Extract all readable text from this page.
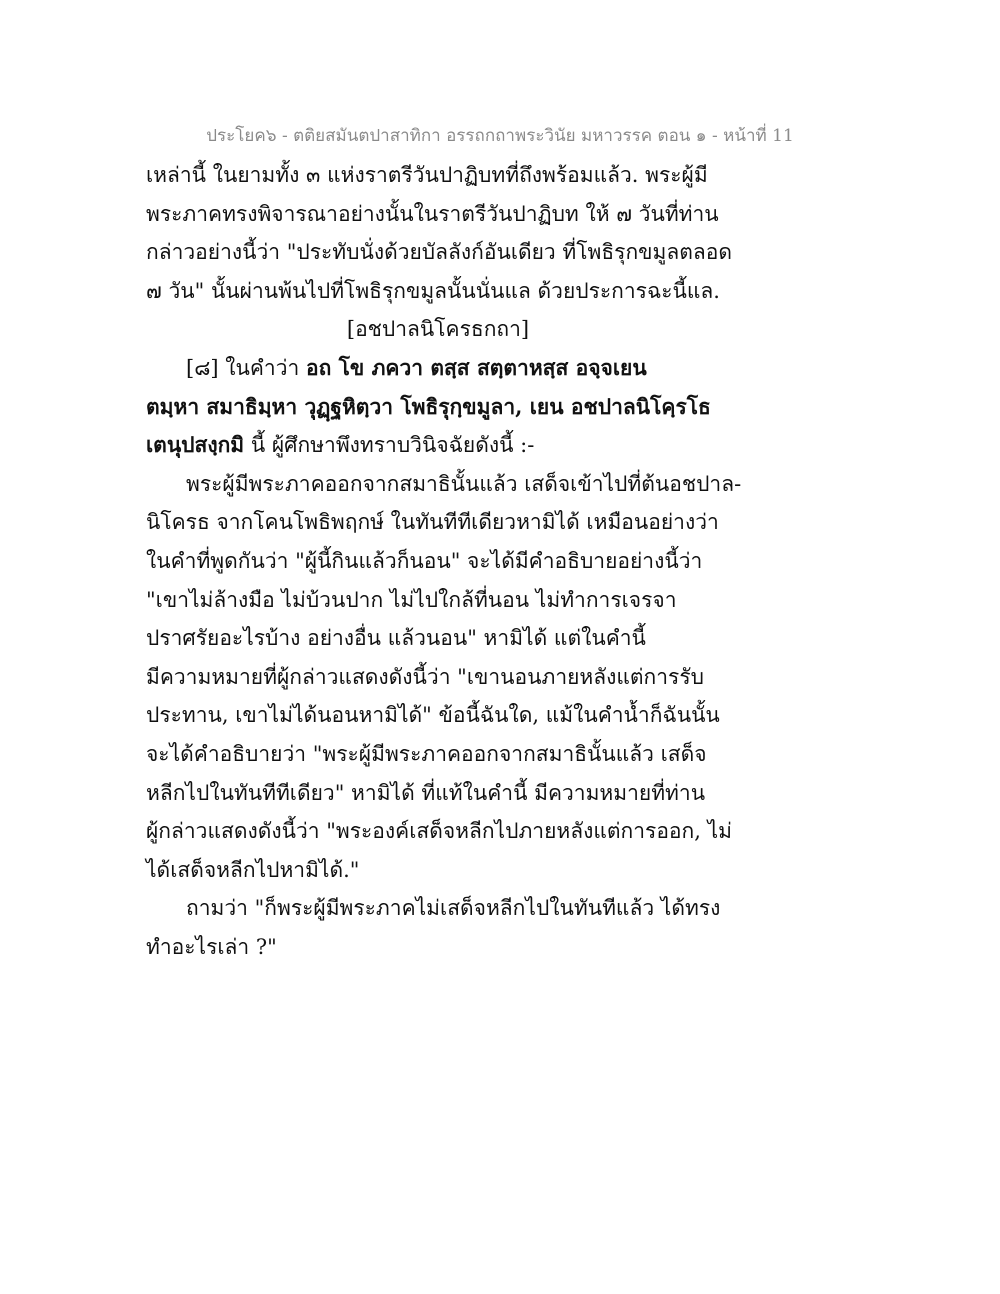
ประโยค๖ - ตติยสมันตปาสาทิกา อรรถกถาพระวินัย มหาวรรค ตอน ๑ - หน้าที่ 11
เหล่านี้ ในยามทั้ง ๓ แห่งราตรีวันปาฏิบทที่ถึงพร้อมแล้ว. พระผู้มี
พระภาคทรงพิจารณาอย่างนั้นในราตรีวันปาฏิบท ให้ ๗ วันที่ท่าน
กล่าวอย่างนี้ว่า "ประทับนั่งด้วยบัลลังก์อันเดียว ที่โพธิรุกขมูลตลอด
๗ วัน" นั้นผ่านพ้นไปที่โพธิรุกขมูลนั้นนั่นแล ด้วยประการฉะนี้แล.
[อชปาลนิโครธกถา]
[๘] ในคำว่า อถ โข ภควา ตสฺส สตฺตาหสฺส อจฺจเยน
ตมฺหา สมาธิมฺหา วุฏฺฐหิตฺวา โพธิรุกฺขมูลา, เยน อชปาลนิโคฺรโธ
เตนุปสงฺกมิ นี้ ผู้ศึกษาพึงทราบวินิจฉัยดังนี้ :-
พระผู้มีพระภาคออกจากสมาธินั้นแล้ว เสด็จเข้าไปที่ต้นอชปาล-
นิโครธ จากโคนโพธิพฤกษ์ ในทันทีทีเดียวหามิได้ เหมือนอย่างว่า
ในคำที่พูดกันว่า "ผู้นี้กินแล้วก็นอน" จะได้มีคำอธิบายอย่างนี้ว่า
"เขาไม่ล้างมือ ไม่บ้วนปาก ไม่ไปใกล้ที่นอน ไม่ทำการเจรจา
ปราศรัยอะไรบ้าง อย่างอื่น แล้วนอน" หามิได้ แต่ในคำนี้
มีความหมายที่ผู้กล่าวแสดงดังนี้ว่า "เขานอนภายหลังแต่การรับ
ประทาน, เขาไม่ได้นอนหามิได้" ข้อนี้ฉันใด, แม้ในคำน้ำก็ฉันนั้น
จะได้คำอธิบายว่า "พระผู้มีพระภาคออกจากสมาธินั้นแล้ว เสด็จ
หลีกไปในทันทีทีเดียว" หามิได้ ที่แท้ในคำนี้ มีความหมายที่ท่าน
ผู้กล่าวแสดงดังนี้ว่า "พระองค์เสด็จหลีกไปภายหลังแต่การออก, ไม่
ได้เสด็จหลีกไปหามิได้."
ถามว่า "ก็พระผู้มีพระภาคไม่เสด็จหลีกไปในทันทีแล้ว ได้ทรง
ทำอะไรเล่า ?"
